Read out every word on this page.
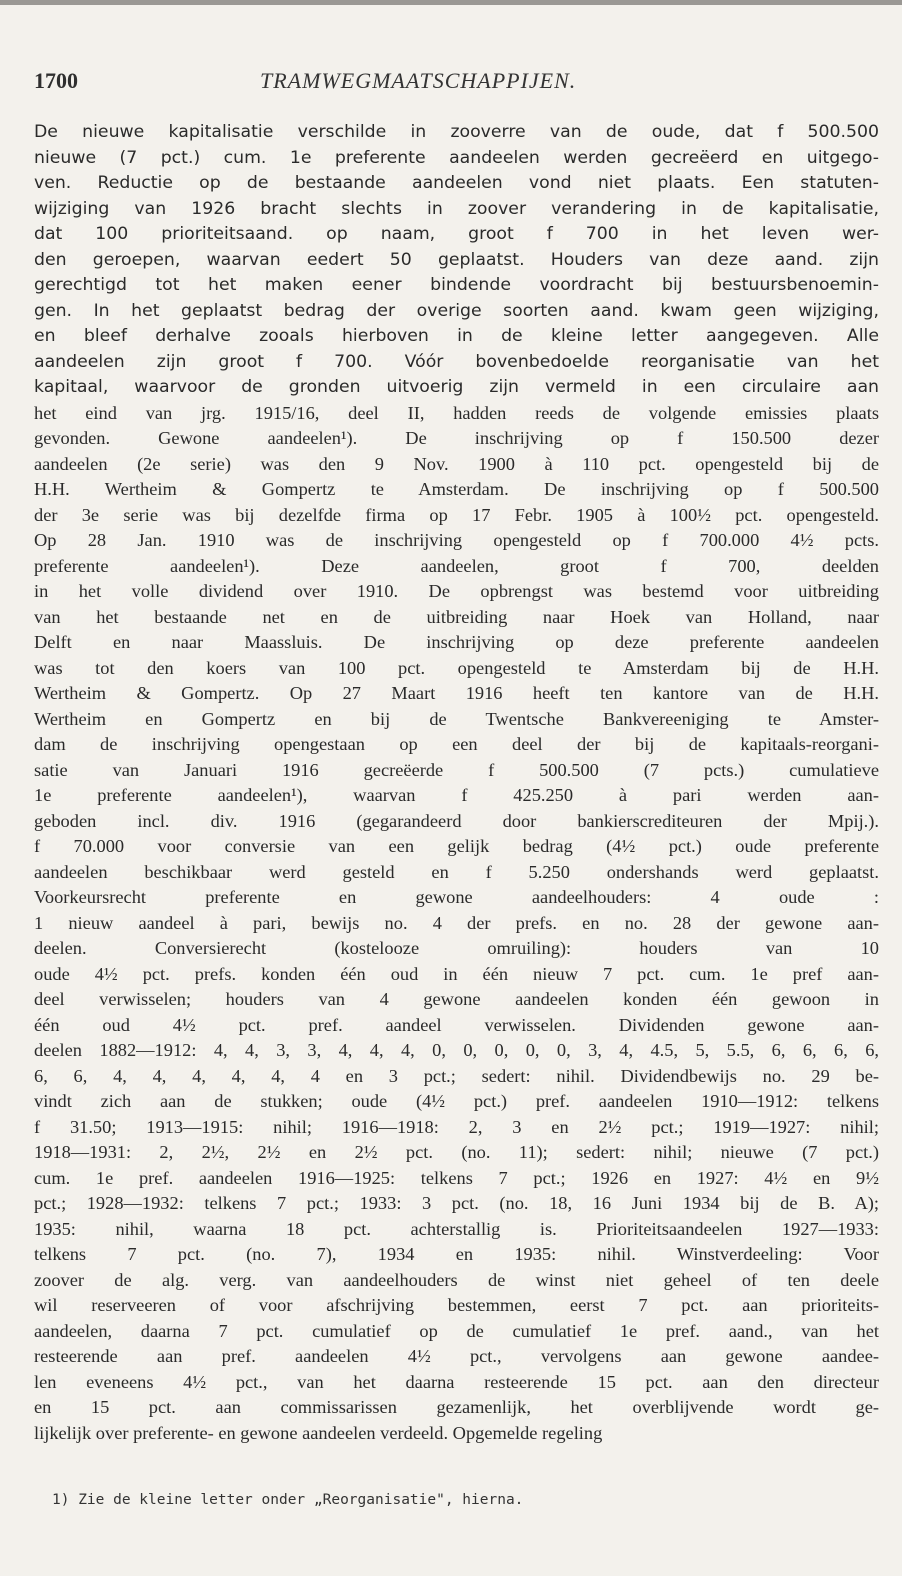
1700	TRAMWEGMAATSCHAPPIJEN.
De nieuwe kapitalisatie verschilde in zooverre van de oude, dat f 500.500
nieuwe (7 pct.) cum. 1e preferente aandeelen werden gecreëerd en uitgego-
ven. Reductie op de bestaande aandeelen vond niet plaats. Een statuten-
wijziging van 1926 bracht slechts in zoover verandering in de kapitalisatie,
dat 100 prioriteitsaand. op naam, groot f 700 in het leven wer-
den geroepen, waarvan eedert 50 geplaatst. Houders van deze aand. zijn
gerechtigd tot het maken eener bindende voordracht bij bestuursbenoemin-
gen. In het geplaatst bedrag der overige soorten aand. kwam geen wijziging,
en bleef derhalve zooals hierboven in de kleine letter aangegeven. Alle
aandeelen zijn groot f 700. Vóór bovenbedoelde reorganisatie van het
kapitaal, waarvoor de gronden uitvoerig zijn vermeld in een circulaire aan
het eind van jrg. 1915/16, deel II, hadden reeds de volgende emissies plaats
gevonden. Gewone aandeelen¹). De inschrijving op f 150.500 dezer
aandeelen (2e serie) was den 9 Nov. 1900 à 110 pct. opengesteld bij de
H.H. Wertheim & Gompertz te Amsterdam. De inschrijving op f 500.500
der 3e serie was bij dezelfde firma op 17 Febr. 1905 à 100½ pct. opengesteld.
Op 28 Jan. 1910 was de inschrijving opengesteld op f 700.000 4½ pcts.
preferente aandeelen¹). Deze aandeelen, groot f 700, deelden
in het volle dividend over 1910. De opbrengst was bestemd voor uitbreiding
van het bestaande net en de uitbreiding naar Hoek van Holland, naar
Delft en naar Maassluis. De inschrijving op deze preferente aandeelen
was tot den koers van 100 pct. opengesteld te Amsterdam bij de H.H.
Wertheim & Gompertz. Op 27 Maart 1916 heeft ten kantore van de H.H.
Wertheim en Gompertz en bij de Twentsche Bankvereeniging te Amster-
dam de inschrijving opengestaan op een deel der bij de kapitaals-reorgani-
satie van Januari 1916 gecreëerde f 500.500 (7 pcts.) cumulatieve
1e preferente aandeelen¹), waarvan f 425.250 à pari werden aan-
geboden incl. div. 1916 (gegarandeerd door bankierscrediteuren der Mpij.).
f 70.000 voor conversie van een gelijk bedrag (4½ pct.) oude preferente
aandeelen beschikbaar werd gesteld en f 5.250 ondershands werd geplaatst.
Voorkeursrecht preferente en gewone aandeelhouders: 4 oude :
1 nieuw aandeel à pari, bewijs no. 4 der prefs. en no. 28 der gewone aan-
deelen. Conversierecht (kostelooze omruiling): houders van 10
oude 4½ pct. prefs. konden één oud in één nieuw 7 pct. cum. 1e pref aan-
deel verwisselen; houders van 4 gewone aandeelen konden één gewoon in
één oud 4½ pct. pref. aandeel verwisselen. Dividenden gewone aan-
deelen 1882—1912: 4, 4, 3, 3, 4, 4, 4, 0, 0, 0, 0, 0, 3, 4, 4.5, 5, 5.5, 6, 6, 6, 6,
6, 6, 4, 4, 4, 4, 4, 4 en 3 pct.; sedert: nihil. Dividendbewijs no. 29 be-
vindt zich aan de stukken; oude (4½ pct.) pref. aandeelen 1910—1912: telkens
f 31.50; 1913—1915: nihil; 1916—1918: 2, 3 en 2½ pct.; 1919—1927: nihil;
1918—1931: 2, 2½, 2½ en 2½ pct. (no. 11); sedert: nihil; nieuwe (7 pct.)
cum. 1e pref. aandeelen 1916—1925: telkens 7 pct.; 1926 en 1927: 4½ en 9½
pct.; 1928—1932: telkens 7 pct.; 1933: 3 pct. (no. 18, 16 Juni 1934 bij de B. A);
1935: nihil, waarna 18 pct. achterstallig is. Prioriteitsaandeelen 1927—1933:
telkens 7 pct. (no. 7), 1934 en 1935: nihil. Winstverdeeling: Voor
zoover de alg. verg. van aandeelhouders de winst niet geheel of ten deele
wil reserveeren of voor afschrijving bestemmen, eerst 7 pct. aan prioriteits-
aandeelen, daarna 7 pct. cumulatief op de cumulatief 1e pref. aand., van het
resteerende aan pref. aandeelen 4½ pct., vervolgens aan gewone aandee-
len eveneens 4½ pct., van het daarna resteerende 15 pct. aan den directeur
en 15 pct. aan commissarissen gezamenlijk, het overblijvende wordt ge-
lijkelijk over preferente- en gewone aandeelen verdeeld. Opgemelde regeling
1) Zie de kleine letter onder „Reorganisatie", hierna.
